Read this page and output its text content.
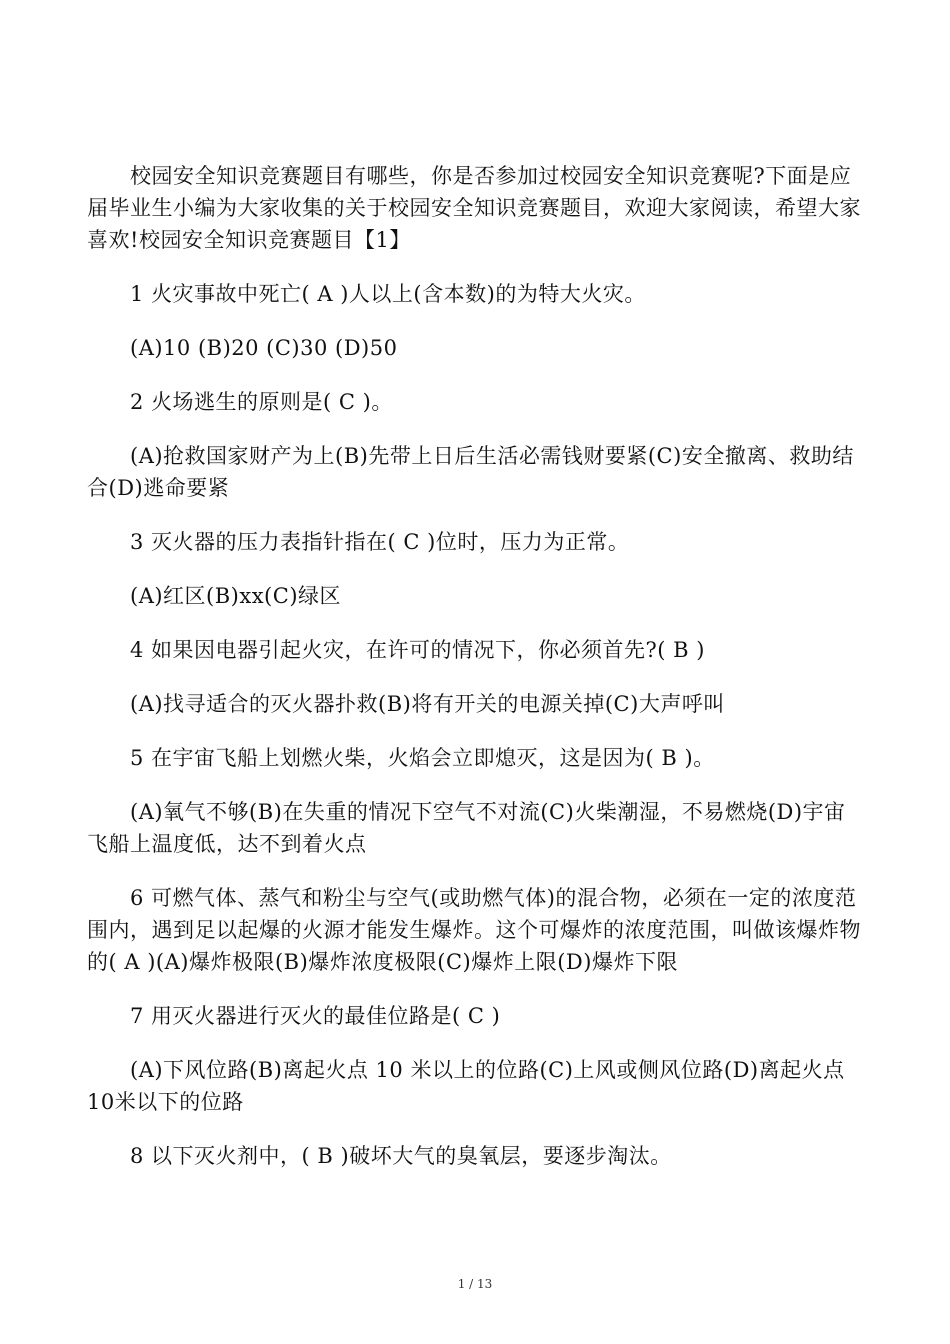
校园安全知识竞赛题目有哪些，你是否参加过校园安全知识竞赛呢?下面是应届毕业生小编为大家收集的关于校园安全知识竞赛题目，欢迎大家阅读，希望大家喜欢!校园安全知识竞赛题目【1】

1 火灾事故中死亡( A )人以上(含本数)的为特大火灾。

(A)10 (B)20 (C)30 (D)50

2 火场逃生的原则是( C )。

(A)抢救国家财产为上(B)先带上日后生活必需钱财要紧(C)安全撤离、救助结合(D)逃命要紧

3 灭火器的压力表指针指在( C )位时，压力为正常。

(A)红区(B)xx(C)绿区

4 如果因电器引起火灾，在许可的情况下，你必须首先?( B )

(A)找寻适合的灭火器扑救(B)将有开关的电源关掉(C)大声呼叫

5 在宇宙飞船上划燃火柴，火焰会立即熄灭，这是因为( B )。

(A)氧气不够(B)在失重的情况下空气不对流(C)火柴潮湿，不易燃烧(D)宇宙飞船上温度低，达不到着火点

6 可燃气体、蒸气和粉尘与空气(或助燃气体)的混合物，必须在一定的浓度范围内，遇到足以起爆的火源才能发生爆炸。这个可爆炸的浓度范围，叫做该爆炸物的( A )(A)爆炸极限(B)爆炸浓度极限(C)爆炸上限(D)爆炸下限

7 用灭火器进行灭火的最佳位路是( C )

(A)下风位路(B)离起火点 10 米以上的位路(C)上风或侧风位路(D)离起火点 10米以下的位路

8 以下灭火剂中，( B )破坏大气的臭氧层，要逐步淘汰。

1 / 13
